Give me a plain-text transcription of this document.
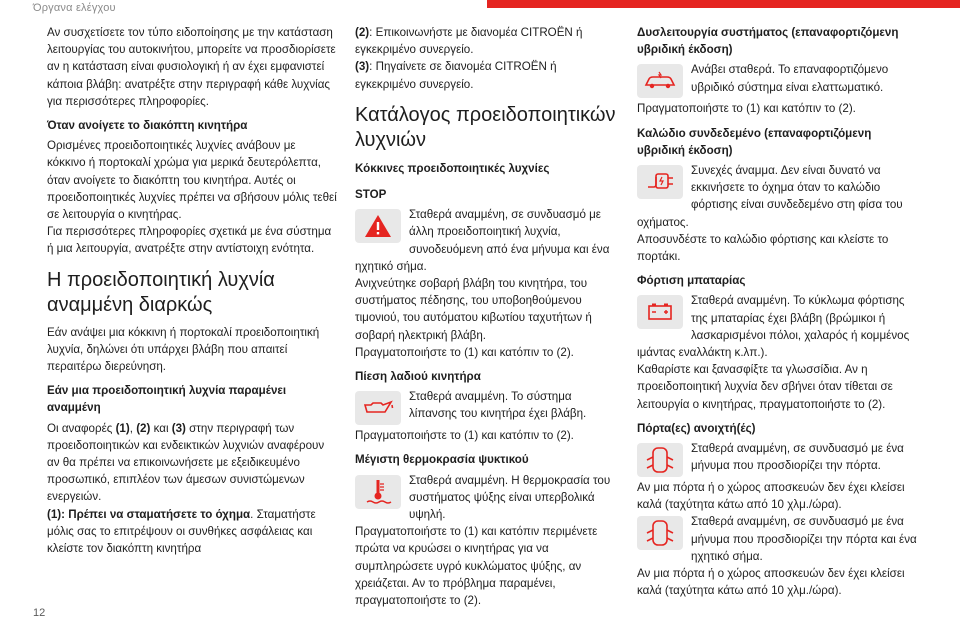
Όργανα ελέγχου

Αν συσχετίσετε τον τύπο ειδοποίησης με την κατάσταση λειτουργίας του αυτοκινήτου, μπορείτε να προσδιορίσετε αν η κατάσταση είναι φυσιολογική ή αν έχει εμφανιστεί κάποια βλάβη: ανατρέξτε στην περιγραφή κάθε λυχνίας για περισσότερες πληροφορίες.

Όταν ανοίγετε το διακόπτη κινητήρα

Ορισμένες προειδοποιητικές λυχνίες ανάβουν με κόκκινο ή πορτοκαλί χρώμα για μερικά δευτερόλεπτα, όταν ανοίγετε το διακόπτη του κινητήρα. Αυτές οι προειδοποιητικές λυχνίες πρέπει να σβήσουν μόλις τεθεί σε λειτουργία ο κινητήρας.

Για περισσότερες πληροφορίες σχετικά με ένα σύστημα ή μια λειτουργία, ανατρέξτε στην αντίστοιχη ενότητα.

Η προειδοποιητική λυχνία αναμμένη διαρκώς

Εάν ανάψει μια κόκκινη ή πορτοκαλί προειδοποιητική λυχνία, δηλώνει ότι υπάρχει βλάβη που απαιτεί περαιτέρω διερεύνηση.

Εάν μια προειδοποιητική λυχνία παραμένει αναμμένη

Οι αναφορές (1), (2) και (3) στην περιγραφή των προειδοποιητικών και ενδεικτικών λυχνιών αναφέρουν αν θα πρέπει να επικοινωνήσετε με εξειδικευμένο προσωπικό, επιπλέον των άμεσων συνιστώμενων ενεργειών.

(1): Πρέπει να σταματήσετε το όχημα. Σταματήστε μόλις σας το επιτρέψουν οι συνθήκες ασφάλειας και κλείστε τον διακόπτη κινητήρα

(2): Επικοινωνήστε με διανομέα CITROËN ή εγκεκριμένο συνεργείο.

(3): Πηγαίνετε σε διανομέα CITROËN ή εγκεκριμένο συνεργείο.

Κατάλογος προειδοποιητικών λυχνιών

Κόκκινες προειδοποιητικές λυχνίες

STOP

Σταθερά αναμμένη, σε συνδυασμό με άλλη προειδοποιητική λυχνία, συνοδευόμενη από ένα μήνυμα και ένα ηχητικό σήμα.

Ανιχνεύτηκε σοβαρή βλάβη του κινητήρα, του συστήματος πέδησης, του υποβοηθούμενου τιμονιού, του αυτόματου κιβωτίου ταχυτήτων ή σοβαρή ηλεκτρική βλάβη.

Πραγματοποιήστε το (1) και κατόπιν το (2).

Πίεση λαδιού κινητήρα

Σταθερά αναμμένη. Το σύστημα λίπανσης του κινητήρα έχει βλάβη.

Πραγματοποιήστε το (1) και κατόπιν το (2).

Μέγιστη θερμοκρασία ψυκτικού

Σταθερά αναμμένη. Η θερμοκρασία του συστήματος ψύξης είναι υπερβολικά υψηλή.

Πραγματοποιήστε το (1) και κατόπιν περιμένετε πρώτα να κρυώσει ο κινητήρας για να συμπληρώσετε υγρό κυκλώματος ψύξης, αν χρειάζεται. Αν το πρόβλημα παραμένει, πραγματοποιήστε το (2).

Δυσλειτουργία συστήματος (επαναφορτιζόμενη υβριδική έκδοση)

Ανάβει σταθερά. Το επαναφορτιζόμενο υβριδικό σύστημα είναι ελαττωματικό.

Πραγματοποιήστε το (1) και κατόπιν το (2).

Καλώδιο συνδεδεμένο (επαναφορτιζόμενη υβριδική έκδοση)

Συνεχές άναμμα. Δεν είναι δυνατό να εκκινήσετε το όχημα όταν το καλώδιο φόρτισης είναι συνδεδεμένο στη φίσα του οχήματος.

Αποσυνδέστε το καλώδιο φόρτισης και κλείστε το πορτάκι.

Φόρτιση μπαταρίας

Σταθερά αναμμένη. Το κύκλωμα φόρτισης της μπαταρίας έχει βλάβη (βρώμικοι ή λασκαρισμένοι πόλοι, χαλαρός ή κομμένος ιμάντας εναλλάκτη κ.λπ.).

Καθαρίστε και ξανασφίξτε τα γλωσσίδια. Αν η προειδοποιητική λυχνία δεν σβήνει όταν τίθεται σε λειτουργία ο κινητήρας, πραγματοποιήστε το (2).

Πόρτα(ες) ανοιχτή(ές)

Σταθερά αναμμένη, σε συνδυασμό με ένα μήνυμα που προσδιορίζει την πόρτα.

Αν μια πόρτα ή ο χώρος αποσκευών δεν έχει κλείσει καλά (ταχύτητα κάτω από 10 χλμ./ώρα).

Σταθερά αναμμένη, σε συνδυασμό με ένα μήνυμα που προσδιορίζει την πόρτα και ένα ηχητικό σήμα.

Αν μια πόρτα ή ο χώρος αποσκευών δεν έχει κλείσει καλά (ταχύτητα κάτω από 10 χλμ./ώρα).

12
